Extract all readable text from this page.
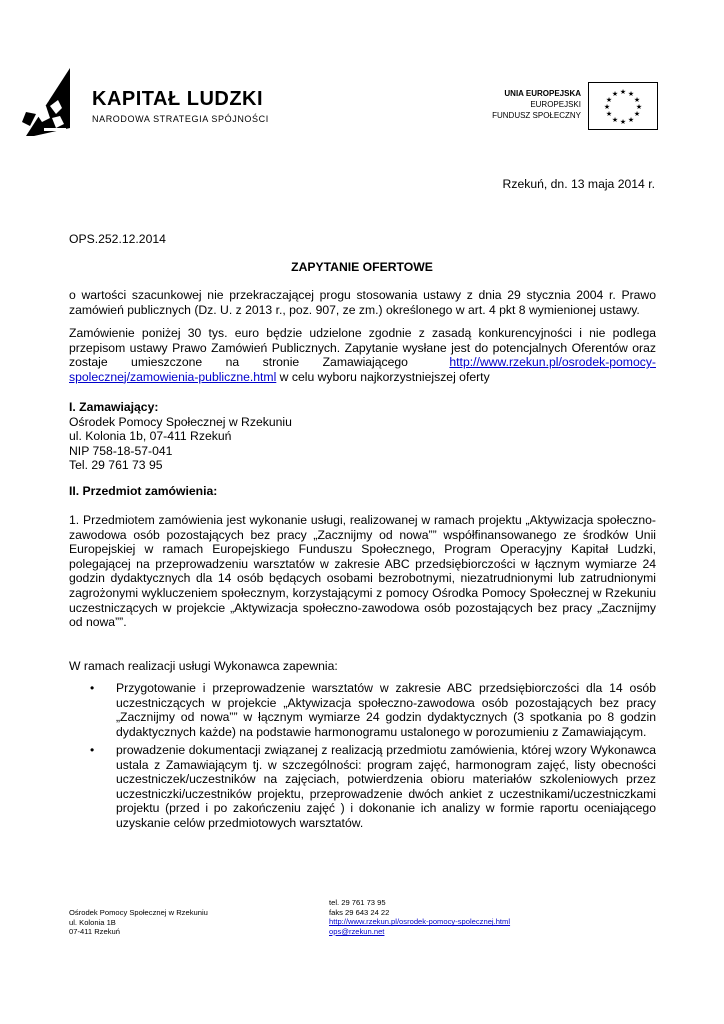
KAPITAŁ LUDZKI
NARODOWA STRATEGIA SPÓJNOŚCI
UNIA EUROPEJSKA
EUROPEJSKI
FUNDUSZ SPOŁECZNY
★ ★
★
★
★
★
★
★
★
★
★
★
Rzekuń, dn. 13 maja 2014 r.
OPS.252.12.2014
ZAPYTANIE OFERTOWE
o wartości szacunkowej nie przekraczającej progu stosowania ustawy z dnia 29 stycznia 2004 r. Prawo
zamówień publicznych (Dz. U. z 2013 r., poz. 907, ze zm.) określonego w art. 4 pkt 8 wymienionej ustawy.
Zamówienie poniżej 30 tys. euro będzie udzielone zgodnie z zasadą konkurencyjności i nie podlega
przepisom ustawy Prawo Zamówień Publicznych. Zapytanie wysłane jest do potencjalnych Oferentów oraz
zostaje umieszczone na stronie Zamawiającego	http://www.rzekun.pl/osrodek-pomocy-
spolecznej/zamowienia-publiczne.html w celu wyboru najkorzystniejszej oferty
I. Zamawiający:
Ośrodek Pomocy Społecznej w Rzekuniu
ul. Kolonia 1b, 07-411 Rzekuń
NIP 758-18-57-041
Tel. 29 761 73 95
II. Przedmiot zamówienia:
1. Przedmiotem zamówienia jest wykonanie usługi, realizowanej w ramach projektu „Aktywizacja społeczno-
zawodowa osób pozostających bez pracy „Zacznijmy od nowa”” współfinansowanego ze środków Unii
Europejskiej w ramach Europejskiego Funduszu Społecznego, Program Operacyjny Kapitał Ludzki,
polegającej na przeprowadzeniu warsztatów w zakresie ABC przedsiębiorczości w łącznym wymiarze 24
godzin dydaktycznych dla 14 osób będących osobami bezrobotnymi, niezatrudnionymi lub zatrudnionymi
zagrożonymi wykluczeniem społecznym, korzystającymi z pomocy Ośrodka Pomocy Społecznej w Rzekuniu
uczestniczących w projekcie „Aktywizacja społeczno-zawodowa osób pozostających bez pracy „Zacznijmy
od nowa””.
W ramach realizacji usługi Wykonawca zapewnia:
• Przygotowanie i przeprowadzenie warsztatów w zakresie ABC przedsiębiorczości dla 14 osób
uczestniczących w projekcie „Aktywizacja społeczno-zawodowa osób pozostających bez pracy
„Zacznijmy od nowa”” w łącznym wymiarze 24 godzin dydaktycznych (3 spotkania po 8 godzin
dydaktycznych każde) na podstawie harmonogramu ustalonego w porozumieniu z Zamawiającym.
• prowadzenie dokumentacji związanej z realizacją przedmiotu zamówienia, której wzory Wykonawca
ustala z Zamawiającym tj. w szczególności: program zajęć, harmonogram zajęć, listy obecności
uczestniczek/uczestników na zajęciach, potwierdzenia obioru materiałów szkoleniowych przez
uczestniczki/uczestników projektu, przeprowadzenie dwóch ankiet z uczestnikami/uczestniczkami
projektu (przed i po zakończeniu zajęć ) i dokonanie ich analizy w formie raportu oceniającego
uzyskanie celów przedmiotowych warsztatów.
Ośrodek Pomocy Społecznej w Rzekuniu
ul. Kolonia 1B
07-411 Rzekuń
tel. 29 761 73 95
faks 29 643 24 22
http://www.rzekun.pl/osrodek-pomocy-spolecznej.html
ops@rzekun.net
